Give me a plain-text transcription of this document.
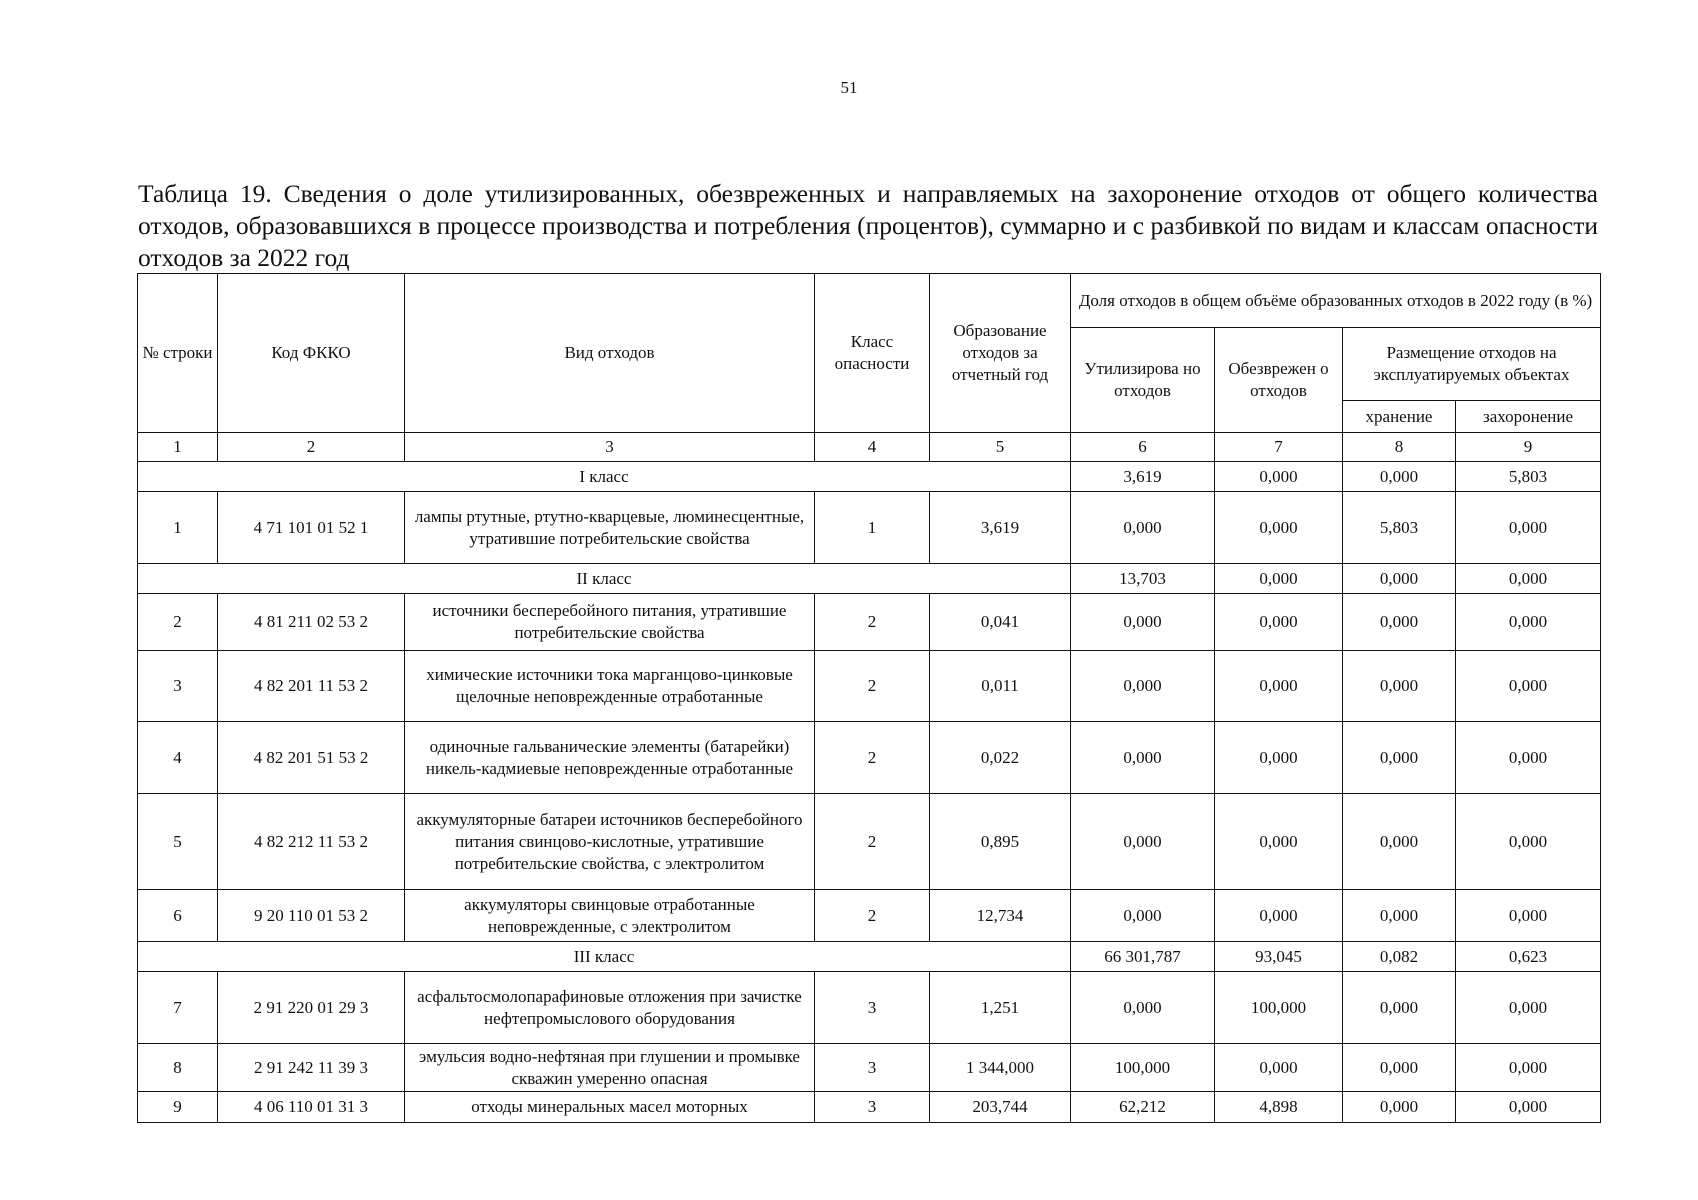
51
Таблица 19. Сведения о доле утилизированных, обезвреженных и направляемых на захоронение отходов от общего количества отходов, образовавшихся в процессе производства и потребления (процентов), суммарно и с разбивкой по видам и классам опасности отходов за 2022 год
№ строки	Код ФККО	Вид отходов	Класс опасности	Образование отходов за отчетный год	Доля отходов в общем объёме образованных отходов в 2022 году (в %)				
					Утилизирова но отходов	Обезврежен о отходов	Размещение отходов на эксплуатируемых объектах		
							хранение	захоронение	
1	2	3	4	5	6	7	8	9	
I класс					3,619	0,000	0,000	5,803	
1	4 71 101 01 52 1	лампы ртутные, ртутно-кварцевые, люминесцентные, утратившие потребительские свойства	1	3,619	0,000	0,000	5,803	0,000	
II класс					13,703	0,000	0,000	0,000	
2	4 81 211 02 53 2	источники бесперебойного питания, утратившие потребительские свойства	2	0,041	0,000	0,000	0,000	0,000	
3	4 82 201 11 53 2	химические источники тока марганцово-цинковые щелочные неповрежденные отработанные	2	0,011	0,000	0,000	0,000	0,000	
4	4 82 201 51 53 2	одиночные гальванические элементы (батарейки) никель-кадмиевые неповрежденные отработанные	2	0,022	0,000	0,000	0,000	0,000	
5	4 82 212 11 53 2	аккумуляторные батареи источников бесперебойного питания свинцово-кислотные, утратившие потребительские свойства, с электролитом	2	0,895	0,000	0,000	0,000	0,000	
6	9 20 110 01 53 2	аккумуляторы свинцовые отработанные неповрежденные, с электролитом	2	12,734	0,000	0,000	0,000	0,000	
III класс					66 301,787	93,045	0,082	0,623	
7	2 91 220 01 29 3	асфальтосмолопарафиновые отложения при зачистке нефтепромыслового оборудования	3	1,251	0,000	100,000	0,000	0,000	
8	2 91 242 11 39 3	эмульсия водно-нефтяная при глушении и промывке скважин умеренно опасная	3	1 344,000	100,000	0,000	0,000	0,000	
9	4 06 110 01 31 3	отходы минеральных масел моторных	3	203,744	62,212	4,898	0,000	0,000	
